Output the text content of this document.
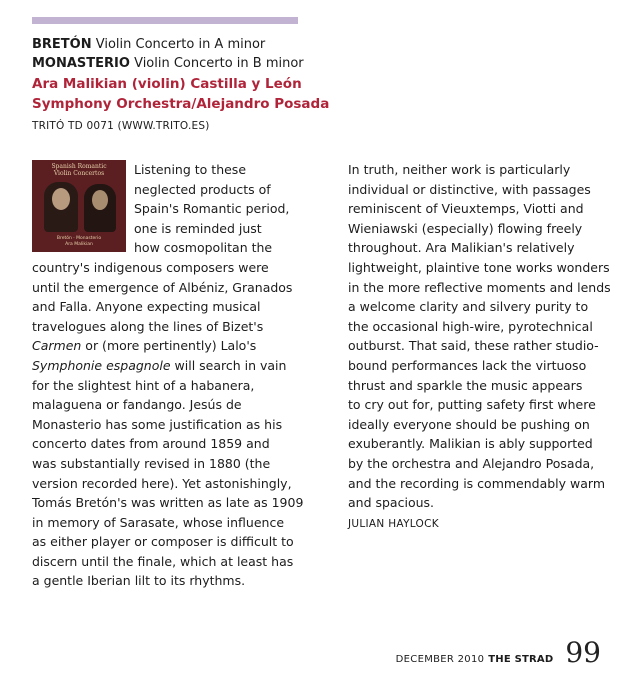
BRETÓN Violin Concerto in A minor
MONASTERIO Violin Concerto in B minor
Ara Malikian (violin) Castilla y León
Symphony Orchestra/Alejandro Posada
TRITÓ TD 0071 (WWW.TRITO.ES)
Spanish Romantic
Violin Concertos
Bretón · Monasterio
Ara Malikian
Listening to these
neglected products of
Spain's Romantic period,
one is reminded just
how cosmopolitan the
country's indigenous composers were
until the emergence of Albéniz, Granados
and Falla. Anyone expecting musical
travelogues along the lines of Bizet's
Carmen or (more pertinently) Lalo's
Symphonie espagnole will search in vain
for the slightest hint of a habanera,
malaguena or fandango. Jesús de
Monasterio has some justification as his
concerto dates from around 1859 and
was substantially revised in 1880 (the
version recorded here). Yet astonishingly,
Tomás Bretón's was written as late as 1909
in memory of Sarasate, whose influence
as either player or composer is difficult to
discern until the finale, which at least has
a gentle Iberian lilt to its rhythms.
In truth, neither work is particularly
individual or distinctive, with passages
reminiscent of Vieuxtemps, Viotti and
Wieniawski (especially) flowing freely
throughout. Ara Malikian's relatively
lightweight, plaintive tone works wonders
in the more reflective moments and lends
a welcome clarity and silvery purity to
the occasional high-wire, pyrotechnical
outburst. That said, these rather studio-
bound performances lack the virtuoso
thrust and sparkle the music appears
to cry out for, putting safety first where
ideally everyone should be pushing on
exuberantly. Malikian is ably supported
by the orchestra and Alejandro Posada,
and the recording is commendably warm
and spacious.
JULIAN HAYLOCK
DECEMBER 2010 THE STRAD 99
